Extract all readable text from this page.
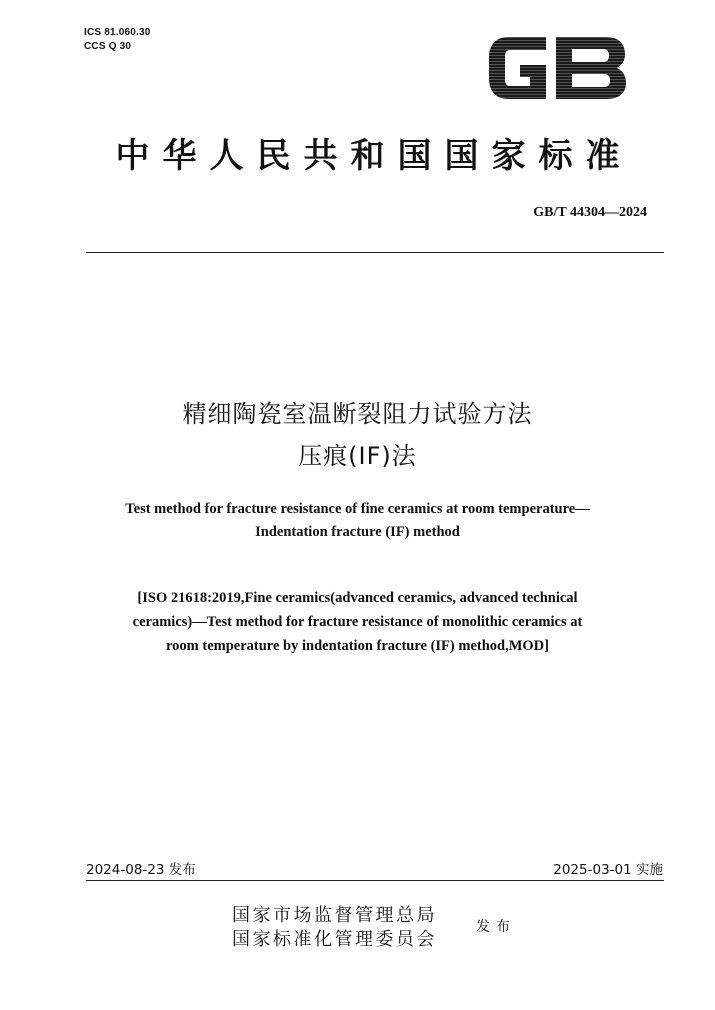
ICS 81.060.30
CCS Q 30
中华人民共和国国家标准
GB/T 44304—2024
精细陶瓷室温断裂阻力试验方法
压痕(IF)法
Test method for fracture resistance of fine ceramics at room temperature—
Indentation fracture (IF) method
[ISO 21618:2019,Fine ceramics(advanced ceramics, advanced technical
ceramics)—Test method for fracture resistance of monolithic ceramics at
room temperature by indentation fracture (IF) method,MOD]
2024-08-23 发布	2025-03-01 实施
国家市场监督管理总局
国家标准化管理委员会
发布
